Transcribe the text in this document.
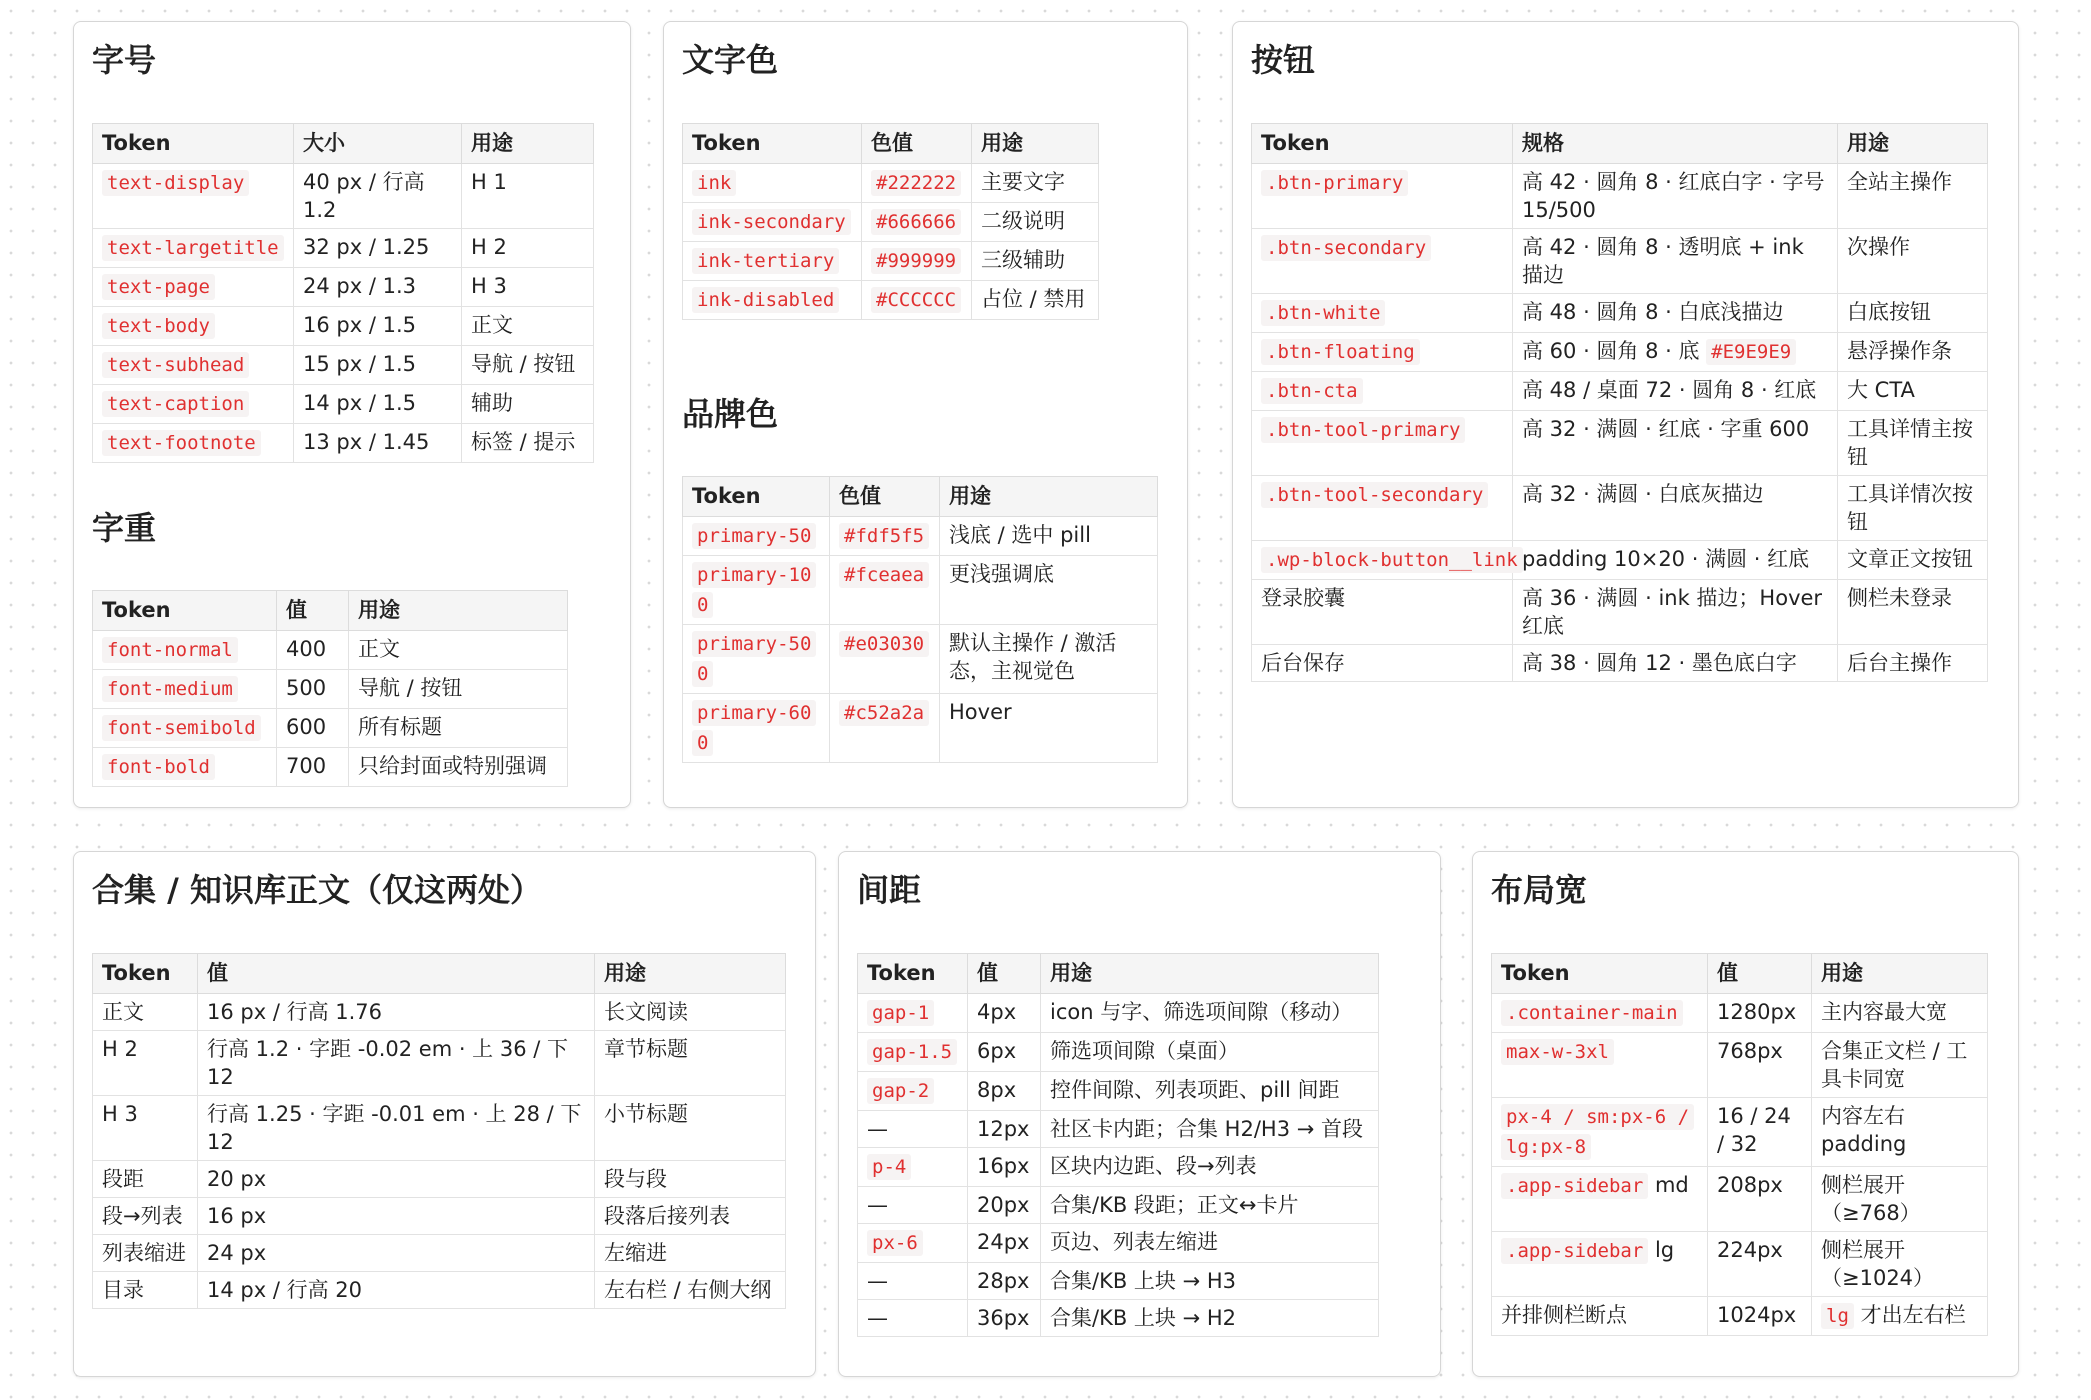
字号
Token	大小	用途
text-display	40 px / 行高 1.2	H 1
text-largetitle	32 px / 1.25	H 2
text-page	24 px / 1.3	H 3
text-body	16 px / 1.5	正文
text-subhead	15 px / 1.5	导航 / 按钮
text-caption	14 px / 1.5	辅助
text-footnote	13 px / 1.45	标签 / 提示
字重
Token	值	用途
font-normal	400	正文
font-medium	500	导航 / 按钮
font-semibold	600	所有标题
font-bold	700	只给封面或特别强调
文字色
Token	色值	用途
ink	#222222	主要文字
ink-secondary	#666666	二级说明
ink-tertiary	#999999	三级辅助
ink-disabled	#CCCCCC	占位 / 禁用
品牌色
Token	色值	用途
primary-50	#fdf5f5	浅底 / 选中 pill
primary-100	#fceaea	更浅强调底
primary-500	#e03030	默认主操作 / 激活态，主视觉色
primary-600	#c52a2a	Hover
按钮
Token	规格	用途
.btn-primary	高 42 · 圆角 8 · 红底白字 · 字号 15/500	全站主操作
.btn-secondary	高 42 · 圆角 8 · 透明底 + ink 描边	次操作
.btn-white	高 48 · 圆角 8 · 白底浅描边	白底按钮
.btn-floating	高 60 · 圆角 8 · 底 #E9E9E9	悬浮操作条
.btn-cta	高 48 / 桌面 72 · 圆角 8 · 红底	大 CTA
.btn-tool-primary	高 32 · 满圆 · 红底 · 字重 600	工具详情主按钮
.btn-tool-secondary	高 32 · 满圆 · 白底灰描边	工具详情次按钮
.wp-block-button__link	padding 10×20 · 满圆 · 红底	文章正文按钮
登录胶囊	高 36 · 满圆 · ink 描边；Hover 红底	侧栏未登录
后台保存	高 38 · 圆角 12 · 墨色底白字	后台主操作
合集 / 知识库正文（仅这两处）
Token	值	用途
正文	16 px / 行高 1.76	长文阅读
H 2	行高 1.2 · 字距 -0.02 em · 上 36 / 下 12	章节标题
H 3	行高 1.25 · 字距 -0.01 em · 上 28 / 下 12	小节标题
段距	20 px	段与段
段→列表	16 px	段落后接列表
列表缩进	24 px	左缩进
目录	14 px / 行高 20	左右栏 / 右侧大纲
间距
Token	值	用途
gap-1	4px	icon 与字、筛选项间隙（移动）
gap-1.5	6px	筛选项间隙（桌面）
gap-2	8px	控件间隙、列表项距、pill 间距
—	12px	社区卡内距；合集 H2/H3 → 首段
p-4	16px	区块内边距、段→列表
—	20px	合集/KB 段距；正文↔卡片
px-6	24px	页边、列表左缩进
—	28px	合集/KB 上块 → H3
—	36px	合集/KB 上块 → H2
布局宽
Token	值	用途
.container-main	1280px	主内容最大宽
max-w-3xl	768px	合集正文栏 / 工具卡同宽
px-4 / sm:px-6 / lg:px-8	16 / 24 / 32	内容左右 padding
.app-sidebar md	208px	侧栏展开（≥768）
.app-sidebar lg	224px	侧栏展开（≥1024）
并排侧栏断点	1024px	lg 才出左右栏
